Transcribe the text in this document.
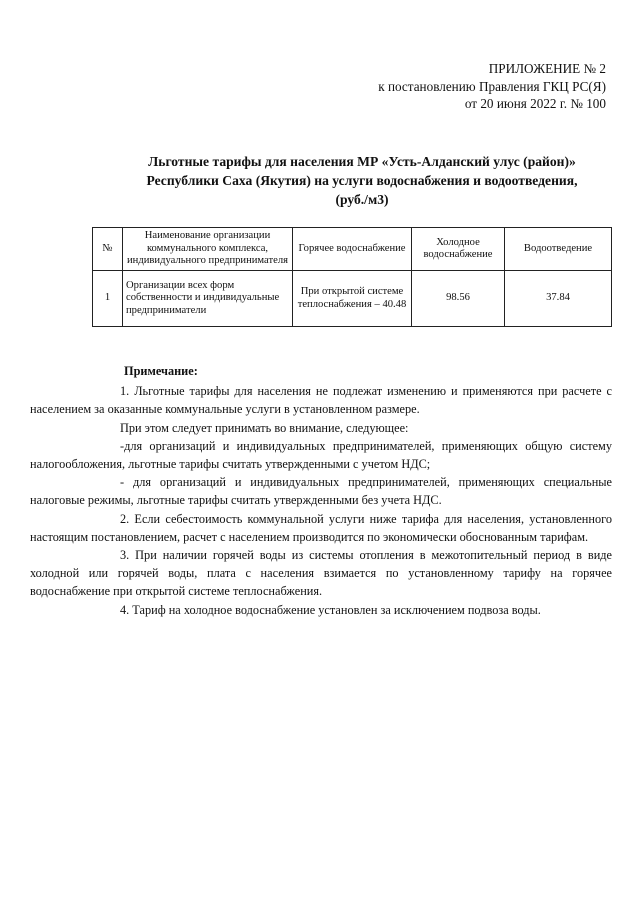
ПРИЛОЖЕНИЕ № 2
к постановлению Правления ГКЦ РС(Я)
от 20 июня 2022 г. № 100
Льготные тарифы для населения МР «Усть-Алданский улус (район)»
Республики Саха (Якутия) на услуги водоснабжения и водоотведения,
(руб./м3)
№	Наименование организации коммунального комплекса, индивидуального предпринимателя	Горячее водоснабжение	Холодное водоснабжение	Водоотведение
1	Организации всех форм собственности и индивидуальные предприниматели	При открытой системе теплоснабжения – 40.48	98.56	37.84
Примечание:

1. Льготные тарифы для населения не подлежат изменению и применяются при расчете с населением за оказанные коммунальные услуги в установленном размере.

При этом следует принимать во внимание, следующее:

-для организаций и индивидуальных предпринимателей, применяющих общую систему налогообложения, льготные тарифы считать утвержденными с учетом НДС;

- для организаций и индивидуальных предпринимателей, применяющих специальные налоговые режимы, льготные тарифы считать утвержденными без учета НДС.

2. Если себестоимость коммунальной услуги ниже тарифа для населения, установленного настоящим постановлением, расчет с населением производится по экономически обоснованным тарифам.

3. При наличии горячей воды из системы отопления в межотопительный период в виде холодной или горячей воды, плата с населения взимается по установленному тарифу на горячее водоснабжение при открытой системе теплоснабжения.

4. Тариф на холодное водоснабжение установлен за исключением подвоза воды.
